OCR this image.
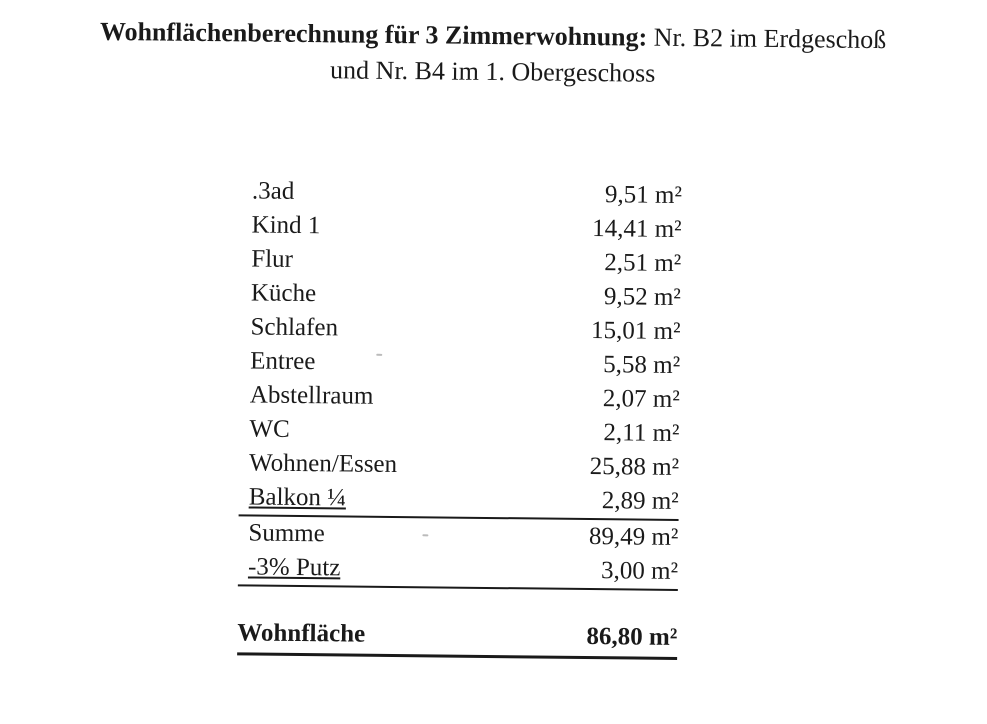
Wohnflächenberechnung für 3 Zimmerwohnung: Nr. B2 im Erdgeschoß
und Nr. B4 im 1. Obergeschoss
.3ad	9,51 m²
Kind 1	14,41 m²
Flur	2,51 m²
Küche	9,52 m²
Schlafen	15,01 m²
Entree	5,58 m²
Abstellraum	2,07 m²
WC	2,11 m²
Wohnen/Essen	25,88 m²
Balkon ¼	2,89 m²
Summe	89,49 m²
-3% Putz	3,00 m²
Wohnfläche	86,80 m²
